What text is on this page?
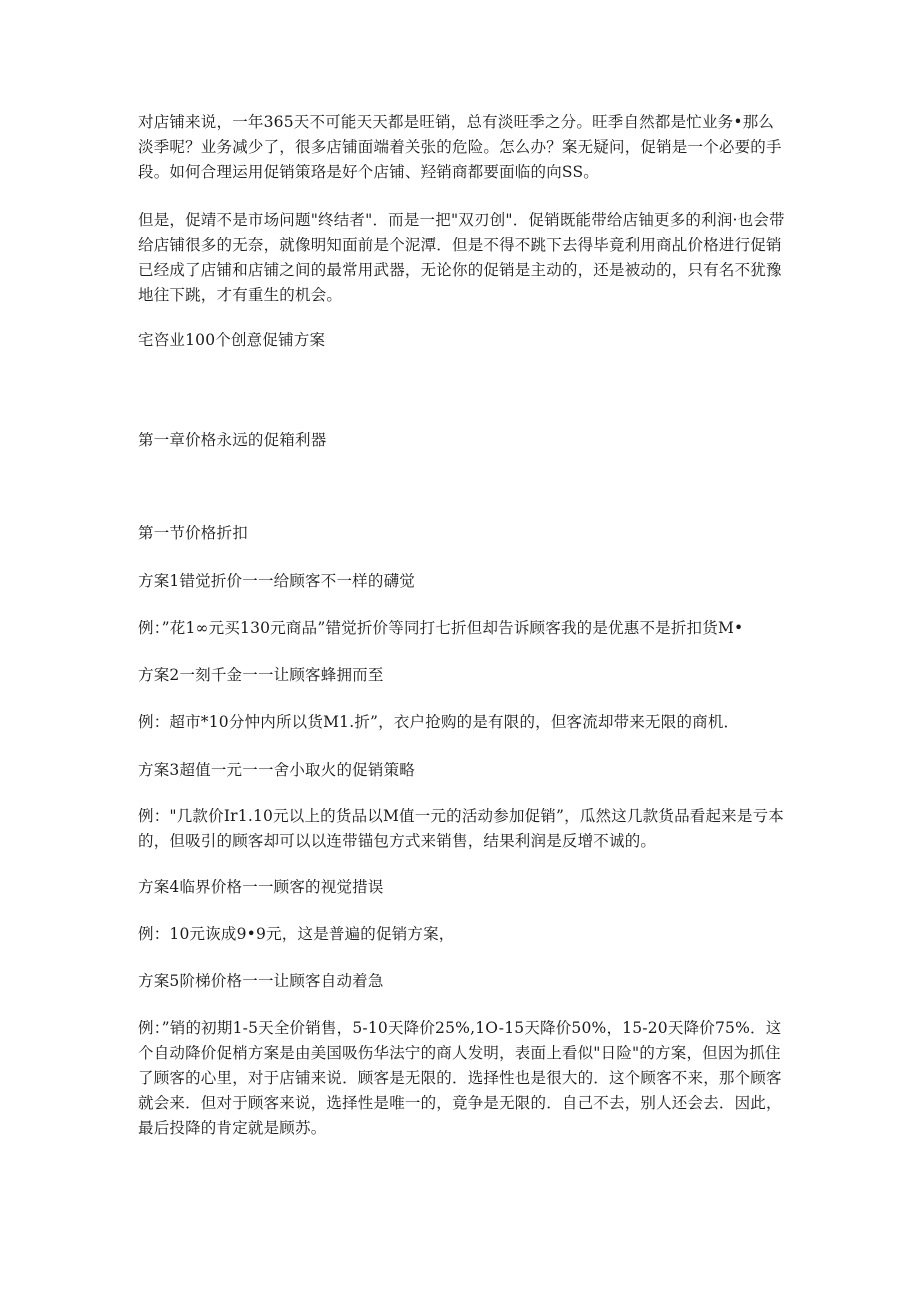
对店铺来说，一年365天不可能天天都是旺销，总有淡旺季之分。旺季自然都是忙业务•那么淡季呢？业务减少了，很多店铺面端着关张的危险。怎么办？案无疑问，促销是一个必要的手段。如何合理运用促销策珞是好个店铺、羟销商都要面临的向SS。

但是，促靖不是市场问题"终结者"．而是一把"双刃创"．促销既能带给店铀更多的利润·也会带给店铺很多的无奈，就像明知面前是个泥潭．但是不得不跳下去得毕竟利用商乩价格进行促销已经成了店铺和店铺之间的最常用武器，无论你的促销是主动的，还是被动的，只有名不犹豫地往下跳，才有重生的机会。

宅咨业100个创意促铺方案

第一章价格永远的促箱利器

第一节价格折扣

方案1错觉折价一一给顾客不一样的礴觉

例：”花1∞元买130元商品”错觉折价等同打七折但却告诉顾客我的是优惠不是折扣货M•

方案2一刻千金一一让顾客蜂拥而至

例：超市*10分忡内所以货M1.折”，衣户抢购的是有限的，但客流却带来无限的商机．

方案3超值一元一一舍小取火的促销策略

例："几款价Ir1.10元以上的货品以M值一元的活动参加促销”，瓜然这几款货品看起来是亏本的，但吸引的顾客却可以以连带锚包方式来销售，结果利润是反增不诚的。

方案4临界价格一一顾客的视觉措误

例：10元诙成9•9元，这是普遍的促销方案，

方案5阶梯价格一一让顾客自动着急

例：”销的初期1-5天全价销售，5-10天降价25%,1O-15天降价50%，15-20天降价75%．这个自动降价促梢方案是由美国吸伤华法宁的商人发明，表面上看似"日险"的方案，但因为抓住了顾客的心里，对于店铺来说．顾客是无限的．选择性也是很大的．这个顾客不来，那个顾客就会来．但对于顾客来说，选择性是唯一的，竟争是无限的．自己不去，别人还会去．因此，最后投降的肯定就是顾苏。
